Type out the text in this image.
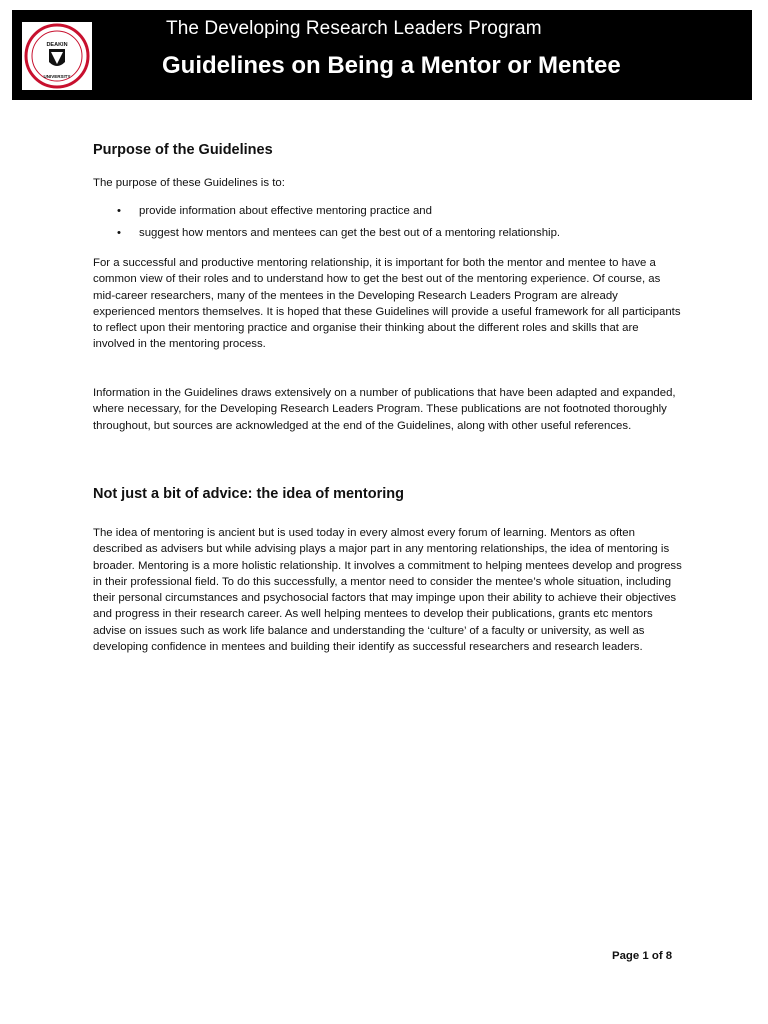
DEAKIN
UNIVERSITY
The Developing Research Leaders Program
Guidelines on Being a Mentor or Mentee
Purpose of the Guidelines

The purpose of these Guidelines is to:

• provide information about effective mentoring practice and
• suggest how mentors and mentees can get the best out of a mentoring relationship.

For a successful and productive mentoring relationship, it is important for both the mentor and mentee to have a common view of their roles and to understand how to get the best out of the mentoring experience. Of course, as mid-career researchers, many of the mentees in the Developing Research Leaders Program are already experienced mentors themselves. It is hoped that these Guidelines will provide a useful framework for all participants to reflect upon their mentoring practice and organise their thinking about the different roles and skills that are involved in the mentoring process.

Information in the Guidelines draws extensively on a number of publications that have been adapted and expanded, where necessary, for the Developing Research Leaders Program. These publications are not footnoted thoroughly throughout, but sources are acknowledged at the end of the Guidelines, along with other useful references.

Not just a bit of advice: the idea of mentoring

The idea of mentoring is ancient but is used today in every almost every forum of learning. Mentors as often described as advisers but while advising plays a major part in any mentoring relationships, the idea of mentoring is broader. Mentoring is a more holistic relationship. It involves a commitment to helping mentees develop and progress in their professional field. To do this successfully, a mentor need to consider the mentee’s whole situation, including their personal circumstances and psychosocial factors that may impinge upon their ability to achieve their objectives and progress in their research career. As well helping mentees to develop their publications, grants etc mentors advise on issues such as work life balance and understanding the ‘culture’ of a faculty or university, as well as developing confidence in mentees and building their identify as successful researchers and research leaders.

Page 1 of 8
